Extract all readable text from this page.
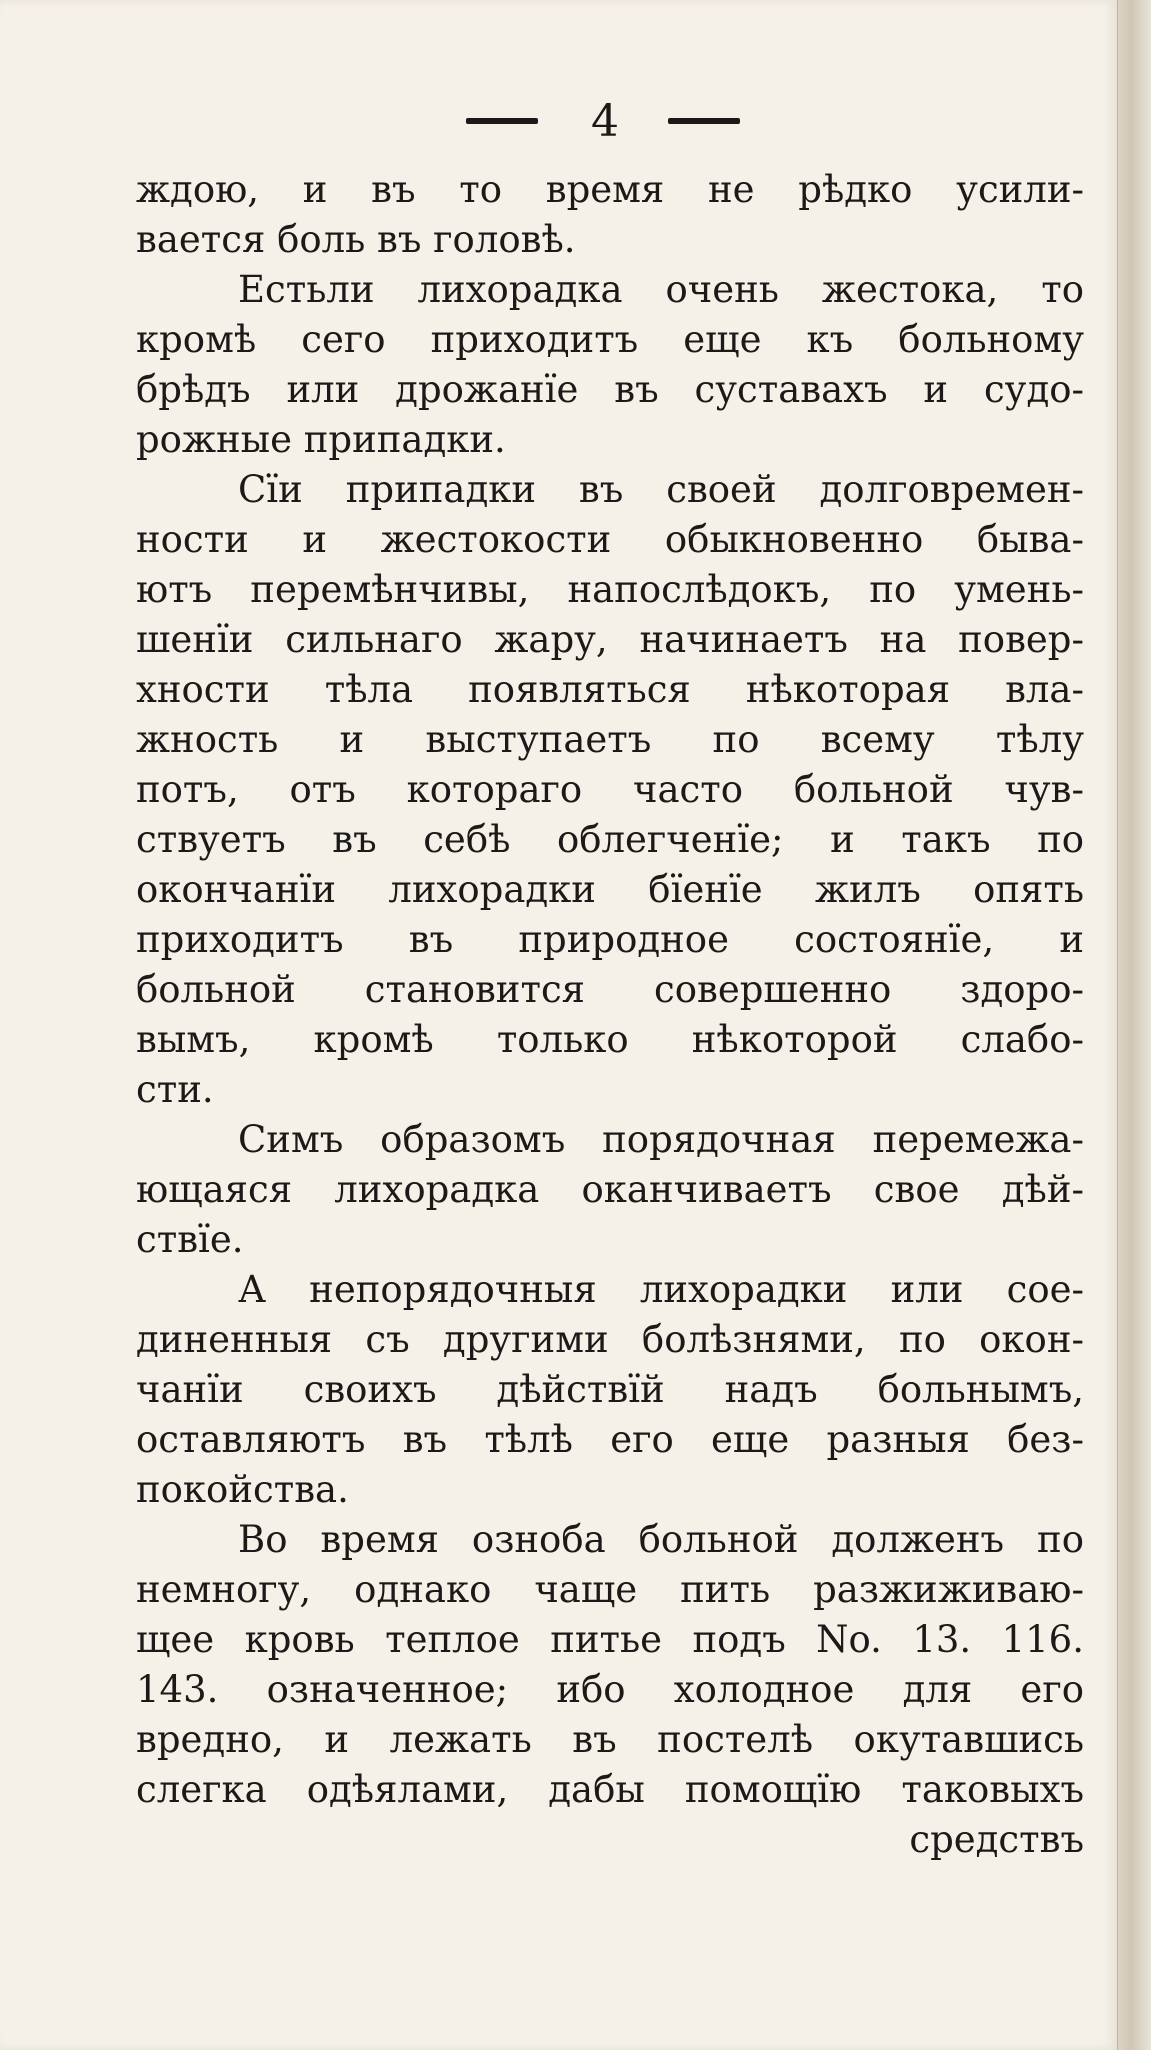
4
ждою, и въ то время не рѣдко усили-
вается боль въ головѣ.
Естьли лихорадка очень жестока, то
кромѣ сего приходитъ еще къ больному
брѣдъ или дрожанїе въ суставахъ и судо-
рожные припадки.
Сїи припадки въ своей долговремен-
ности и жестокости обыкновенно быва-
ютъ перемѣнчивы, напослѣдокъ, по умень-
шенїи сильнаго жару, начинаетъ на повер-
хности тѣла появляться нѣкоторая вла-
жность и выступаетъ по всему тѣлу
потъ, отъ котораго часто больной чув-
ствуетъ въ себѣ облегченїе; и такъ по
окончанїи лихорадки бїенїе жилъ опять
приходитъ въ природное состоянїе, и
больной становится совершенно здоро-
вымъ, кромѣ только нѣкоторой слабо-
сти.
Симъ образомъ порядочная перемежа-
ющаяся лихорадка оканчиваетъ свое дѣй-
ствїе.
А непорядочныя лихорадки или сое-
диненныя съ другими болѣзнями, по окон-
чанїи своихъ дѣйствїй надъ больнымъ,
оставляютъ въ тѣлѣ его еще разныя без-
покойства.
Во время озноба больной долженъ по
немногу, однако чаще пить разжиживаю-
щее кровь теплое питье подъ No. 13. 116.
143. означенное; ибо холодное для его
вредно, и лежать въ постелѣ окутавшись
слегка одѣялами, дабы помощїю таковыхъ
средствъ
